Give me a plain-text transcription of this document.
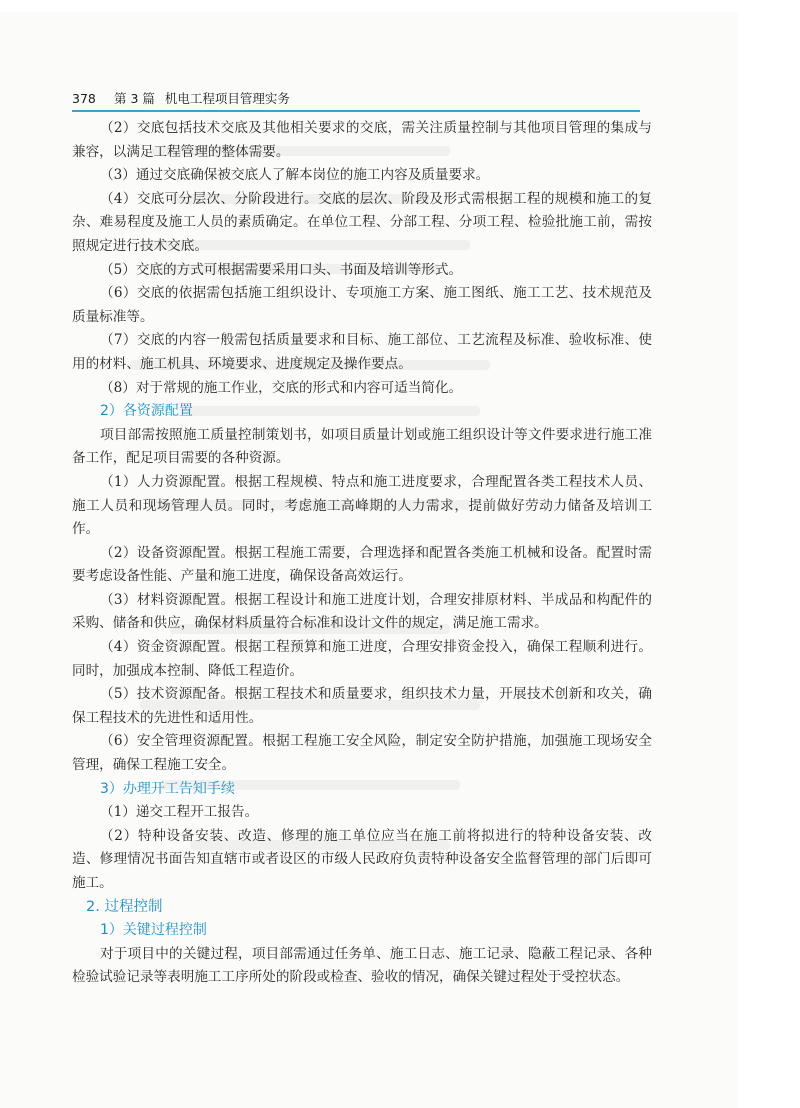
378	第 3 篇 机电工程项目管理实务

（2）交底包括技术交底及其他相关要求的交底，需关注质量控制与其他项目管理的集成与兼容，以满足工程管理的整体需要。

（3）通过交底确保被交底人了解本岗位的施工内容及质量要求。

（4）交底可分层次、分阶段进行。交底的层次、阶段及形式需根据工程的规模和施工的复杂、难易程度及施工人员的素质确定。在单位工程、分部工程、分项工程、检验批施工前，需按照规定进行技术交底。

（5）交底的方式可根据需要采用口头、书面及培训等形式。

（6）交底的依据需包括施工组织设计、专项施工方案、施工图纸、施工工艺、技术规范及质量标准等。

（7）交底的内容一般需包括质量要求和目标、施工部位、工艺流程及标准、验收标准、使用的材料、施工机具、环境要求、进度规定及操作要点。

（8）对于常规的施工作业，交底的形式和内容可适当简化。

2）各资源配置

项目部需按照施工质量控制策划书，如项目质量计划或施工组织设计等文件要求进行施工准备工作，配足项目需要的各种资源。

（1）人力资源配置。根据工程规模、特点和施工进度要求，合理配置各类工程技术人员、施工人员和现场管理人员。同时，考虑施工高峰期的人力需求，提前做好劳动力储备及培训工作。

（2）设备资源配置。根据工程施工需要，合理选择和配置各类施工机械和设备。配置时需要考虑设备性能、产量和施工进度，确保设备高效运行。

（3）材料资源配置。根据工程设计和施工进度计划，合理安排原材料、半成品和构配件的采购、储备和供应，确保材料质量符合标准和设计文件的规定，满足施工需求。

（4）资金资源配置。根据工程预算和施工进度，合理安排资金投入，确保工程顺利进行。同时，加强成本控制、降低工程造价。

（5）技术资源配备。根据工程技术和质量要求，组织技术力量，开展技术创新和攻关，确保工程技术的先进性和适用性。

（6）安全管理资源配置。根据工程施工安全风险，制定安全防护措施，加强施工现场安全管理，确保工程施工安全。

3）办理开工告知手续

（1）递交工程开工报告。

（2）特种设备安装、改造、修理的施工单位应当在施工前将拟进行的特种设备安装、改造、修理情况书面告知直辖市或者设区的市级人民政府负责特种设备安全监督管理的部门后即可施工。

2. 过程控制

1）关键过程控制

对于项目中的关键过程，项目部需通过任务单、施工日志、施工记录、隐蔽工程记录、各种检验试验记录等表明施工工序所处的阶段或检查、验收的情况，确保关键过程处于受控状态。
